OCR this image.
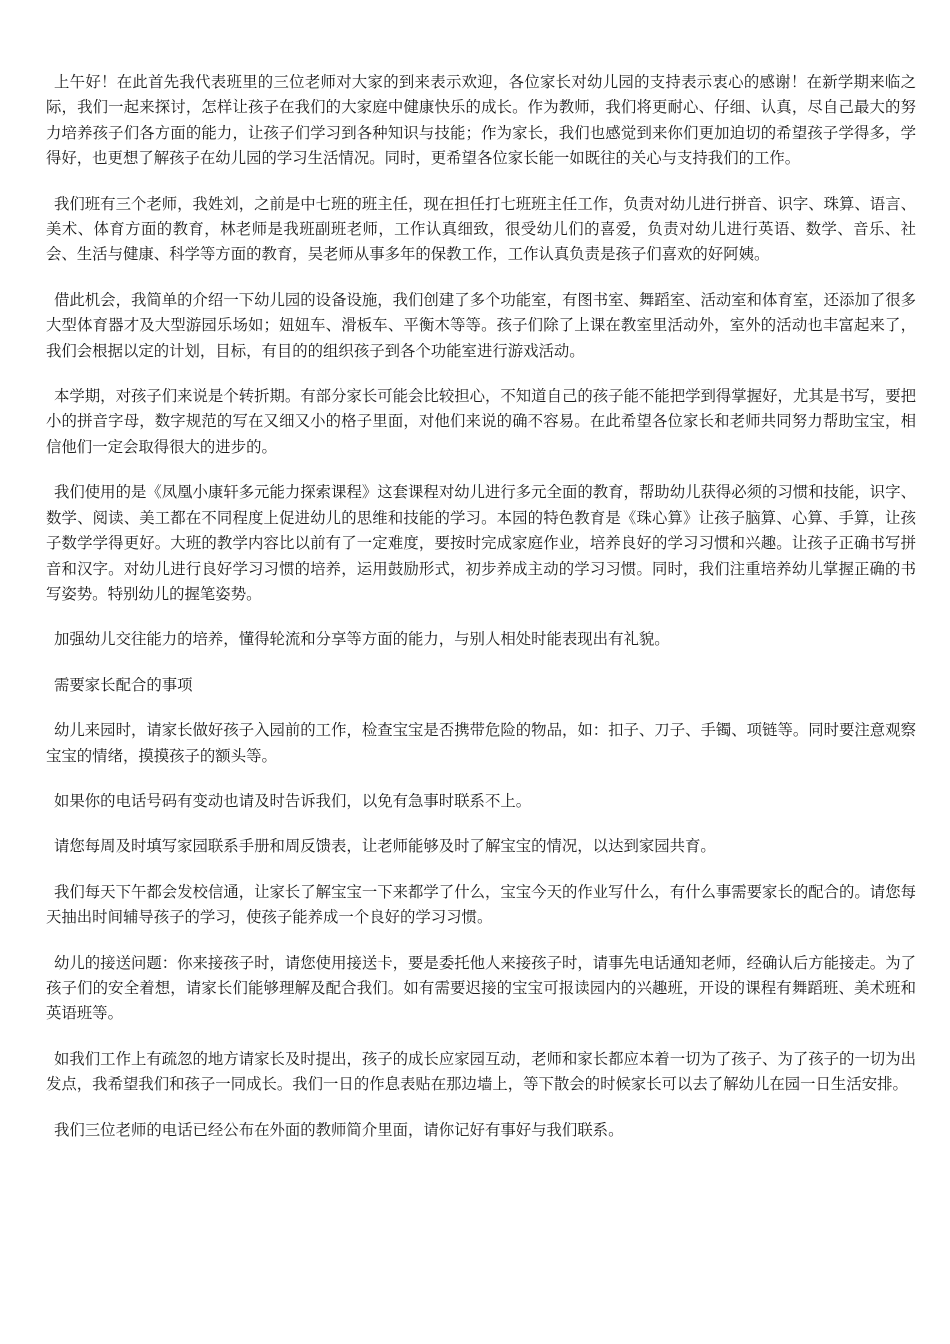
上午好！在此首先我代表班里的三位老师对大家的到来表示欢迎，各位家长对幼儿园的支持表示衷心的感谢！在新学期来临之际，我们一起来探讨，怎样让孩子在我们的大家庭中健康快乐的成长。作为教师，我们将更耐心、仔细、认真，尽自己最大的努力培养孩子们各方面的能力，让孩子们学习到各种知识与技能；作为家长，我们也感觉到来你们更加迫切的希望孩子学得多，学得好，也更想了解孩子在幼儿园的学习生活情况。同时，更希望各位家长能一如既往的关心与支持我们的工作。

我们班有三个老师，我姓刘，之前是中七班的班主任，现在担任打七班班主任工作，负责对幼儿进行拼音、识字、珠算、语言、美术、体育方面的教育，林老师是我班副班老师，工作认真细致，很受幼儿们的喜爱，负责对幼儿进行英语、数学、音乐、社会、生活与健康、科学等方面的教育，吴老师从事多年的保教工作，工作认真负责是孩子们喜欢的好阿姨。

借此机会，我简单的介绍一下幼儿园的设备设施，我们创建了多个功能室，有图书室、舞蹈室、活动室和体育室，还添加了很多大型体育器才及大型游园乐场如；妞妞车、滑板车、平衡木等等。孩子们除了上课在教室里活动外，室外的活动也丰富起来了，我们会根据以定的计划，目标，有目的的组织孩子到各个功能室进行游戏活动。

本学期，对孩子们来说是个转折期。有部分家长可能会比较担心，不知道自己的孩子能不能把学到得掌握好，尤其是书写，要把小的拼音字母，数字规范的写在又细又小的格子里面，对他们来说的确不容易。在此希望各位家长和老师共同努力帮助宝宝，相信他们一定会取得很大的进步的。

我们使用的是《凤凰小康轩多元能力探索课程》这套课程对幼儿进行多元全面的教育，帮助幼儿获得必须的习惯和技能，识字、数学、阅读、美工都在不同程度上促进幼儿的思维和技能的学习。本园的特色教育是《珠心算》让孩子脑算、心算、手算，让孩子数学学得更好。大班的教学内容比以前有了一定难度，要按时完成家庭作业，培养良好的学习习惯和兴趣。让孩子正确书写拼音和汉字。对幼儿进行良好学习习惯的培养，运用鼓励形式，初步养成主动的学习习惯。同时，我们注重培养幼儿掌握正确的书写姿势。特别幼儿的握笔姿势。

加强幼儿交往能力的培养，懂得轮流和分享等方面的能力，与别人相处时能表现出有礼貌。

需要家长配合的事项

幼儿来园时，请家长做好孩子入园前的工作，检查宝宝是否携带危险的物品，如：扣子、刀子、手镯、项链等。同时要注意观察宝宝的情绪，摸摸孩子的额头等。

如果你的电话号码有变动也请及时告诉我们，以免有急事时联系不上。

请您每周及时填写家园联系手册和周反馈表，让老师能够及时了解宝宝的情况，以达到家园共育。

我们每天下午都会发校信通，让家长了解宝宝一下来都学了什么，宝宝今天的作业写什么，有什么事需要家长的配合的。请您每天抽出时间辅导孩子的学习，使孩子能养成一个良好的学习习惯。

幼儿的接送问题：你来接孩子时，请您使用接送卡，要是委托他人来接孩子时，请事先电话通知老师，经确认后方能接走。为了孩子们的安全着想，请家长们能够理解及配合我们。如有需要迟接的宝宝可报读园内的兴趣班，开设的课程有舞蹈班、美术班和英语班等。

如我们工作上有疏忽的地方请家长及时提出，孩子的成长应家园互动，老师和家长都应本着一切为了孩子、为了孩子的一切为出发点，我希望我们和孩子一同成长。我们一日的作息表贴在那边墙上，等下散会的时候家长可以去了解幼儿在园一日生活安排。

我们三位老师的电话已经公布在外面的教师简介里面，请你记好有事好与我们联系。
